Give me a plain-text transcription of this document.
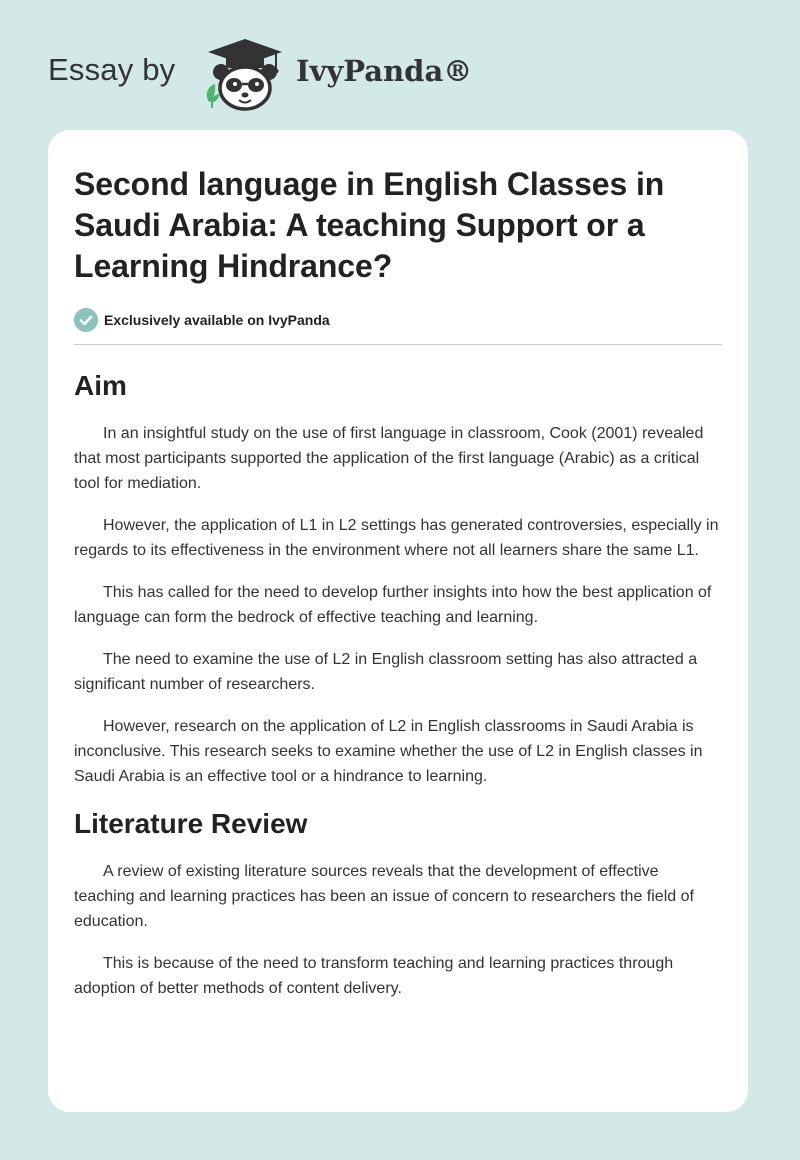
Essay by	IvyPanda®
Second language in English Classes in Saudi Arabia: A teaching Support or a Learning Hindrance?
Exclusively available on IvyPanda
Aim

In an insightful study on the use of first language in classroom, Cook (2001) revealed that most participants supported the application of the first language (Arabic) as a critical tool for mediation.

However, the application of L1 in L2 settings has generated controversies, especially in regards to its effectiveness in the environment where not all learners share the same L1.

This has called for the need to develop further insights into how the best application of language can form the bedrock of effective teaching and learning.

The need to examine the use of L2 in English classroom setting has also attracted a significant number of researchers.

However, research on the application of L2 in English classrooms in Saudi Arabia is inconclusive. This research seeks to examine whether the use of L2 in English classes in Saudi Arabia is an effective tool or a hindrance to learning.

Literature Review

A review of existing literature sources reveals that the development of effective teaching and learning practices has been an issue of concern to researchers the field of education.

This is because of the need to transform teaching and learning practices through adoption of better methods of content delivery.
